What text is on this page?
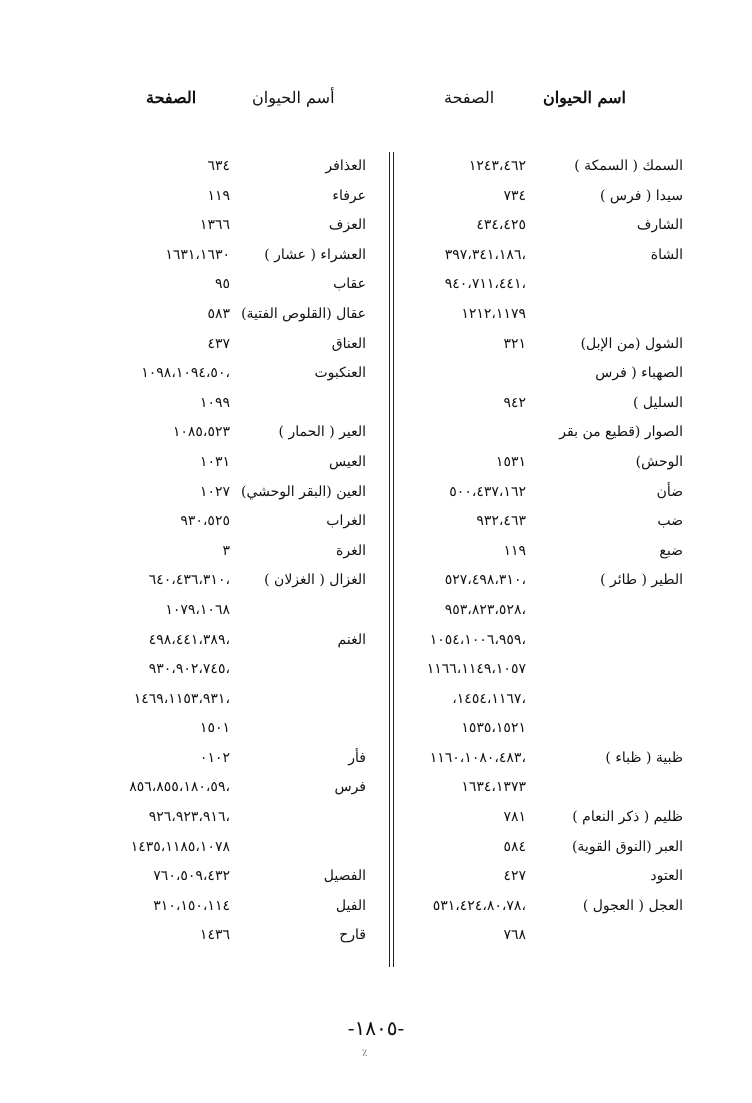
اسم الحيوان
الصفحة
أسم الحيوان
الصفحة
السمك ( السمكة )
١٢٤٣،٤٦٢
سيدا ( فرس )
٧٣٤
الشارف
٤٣٤،٤٢٥
الشاة
،٣٩٧،٣٤١،١٨٦
،٩٤٠،٧١١،٤٤١
١٢١٢،١١٧٩
الشول (من الإبل)
٣٢١
الصهباء ( فرس
السليل )
٩٤٢
الصوار (قطيع من بقر
الوحش)
١٥٣١
ضأن
٥٠٠،٤٣٧،١٦٢
ضب
٩٣٢،٤٦٣
ضبع
١١٩
الطير ( طائر )
،٥٢٧،٤٩٨،٣١٠
،٩٥٣،٨٢٣،٥٢٨
،١٠٥٤،١٠٠٦،٩٥٩
١١٦٦،١١٤٩،١٠٥٧
،١٤٥٤،١١٦٧،
١٥٣٥،١٥٢١
ظبية ( ظباء )
،١١٦٠،١٠٨٠،٤٨٣
١٦٣٤،١٣٧٣
ظليم ( ذكر النعام )
٧٨١
العبر (النوق القوية)
٥٨٤
العتود
٤٢٧
العجل ( العجول )
،٥٣١،٤٢٤،٨٠،٧٨
٧٦٨
العذافر
٦٣٤
عرفاء
١١٩
العزف
١٣٦٦
العشراء ( عشار )
١٦٣١،١٦٣٠
عقاب
٩٥
عقال (القلوص الفتية)
٥٨٣
العناق
٤٣٧
العنكبوت
،١٠٩٨،١٠٩٤،٥٠
١٠٩٩
العير ( الحمار )
١٠٨٥،٥٢٣
العيس
١٠٣١
العين (البقر الوحشي)
١٠٢٧
الغراب
٩٣٠،٥٢٥
الغرة
٣
الغزال ( الغزلان )
،٦٤٠،٤٣٦،٣١٠
١٠٧٩،١٠٦٨
الغنم
،٤٩٨،٤٤١،٣٨٩
،٩٣٠،٩٠٢،٧٤٥
،١٤٦٩،١١٥٣،٩٣١
١٥٠١
فأر
٠١٠٢
فرس
،٨٥٦،٨٥٥،١٨٠،٥٩
،٩٢٦،٩٢٣،٩١٦
١٤٣٥،١١٨٥،١٠٧٨
الفصيل
٧٦٠،٥٠٩،٤٣٢
الفيل
٣١٠،١٥٠،١١٤
قارح
١٤٣٦
-١٨٠٥-
٪
